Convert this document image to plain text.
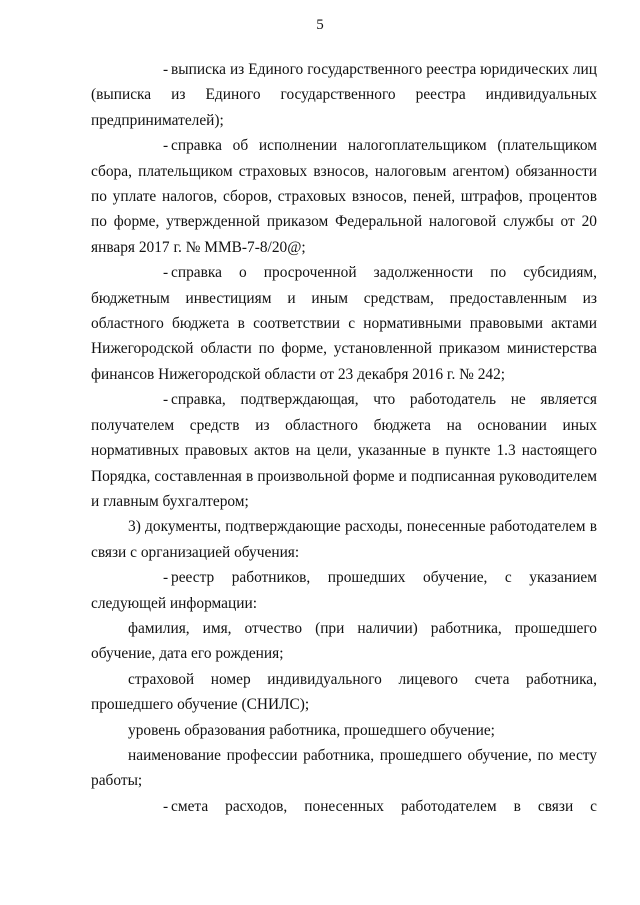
5

- выписка из Единого государственного реестра юридических лиц (выписка из Единого государственного реестра индивидуальных предпринимателей);

- справка об исполнении налогоплательщиком (плательщиком сбора, плательщиком страховых взносов, налоговым агентом) обязанности по уплате налогов, сборов, страховых взносов, пеней, штрафов, процентов по форме, утвержденной приказом Федеральной налоговой службы от 20 января 2017 г. № ММВ-7-8/20@;

- справка о просроченной задолженности по субсидиям, бюджетным инвестициям и иным средствам, предоставленным из областного бюджета в соответствии с нормативными правовыми актами Нижегородской области по форме, установленной приказом министерства финансов Нижегородской области от 23 декабря 2016 г. № 242;

- справка, подтверждающая, что работодатель не является получателем средств из областного бюджета на основании иных нормативных правовых актов на цели, указанные в пункте 1.3 настоящего Порядка, составленная в произвольной форме и подписанная руководителем и главным бухгалтером;

3) документы, подтверждающие расходы, понесенные работодателем в связи с организацией обучения:

- реестр работников, прошедших обучение, с указанием следующей информации:

фамилия, имя, отчество (при наличии) работника, прошедшего обучение, дата его рождения;

страховой номер индивидуального лицевого счета работника, прошедшего обучение (СНИЛС);

уровень образования работника, прошедшего обучение;

наименование профессии работника, прошедшего обучение, по месту работы;

- смета расходов, понесенных работодателем в связи с
